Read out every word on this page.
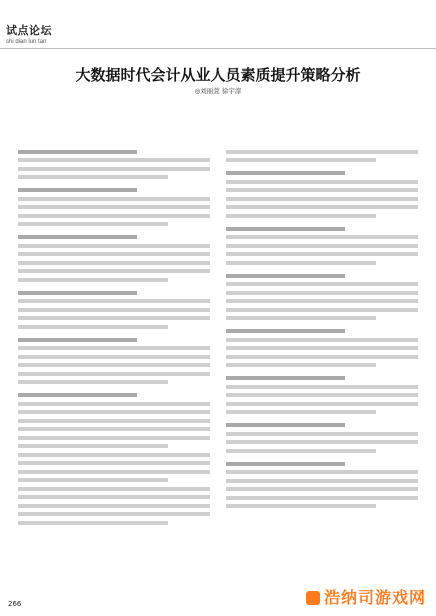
试点论坛
shi dian lun tan
大数据时代会计从业人员素质提升策略分析
◎刘丽萱 徐宇淳
266	浩纳司游戏网
